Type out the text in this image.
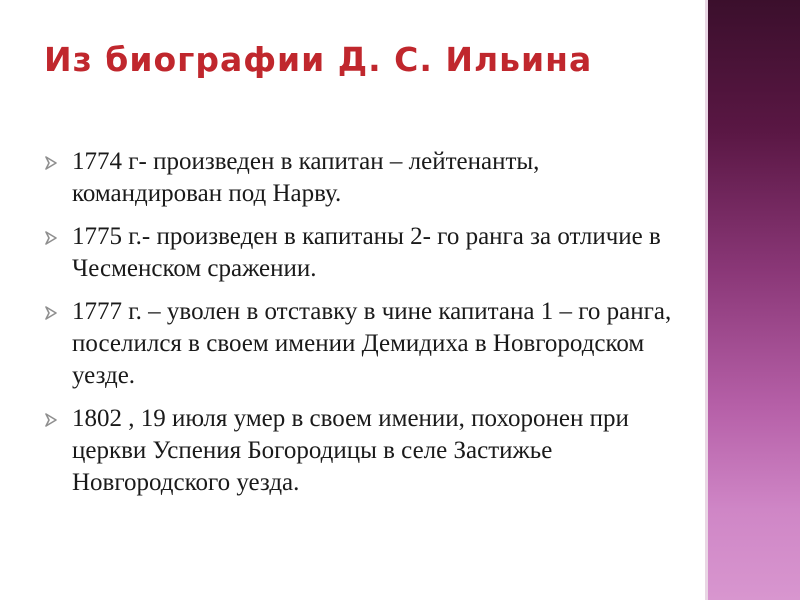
Из биографии Д. С. Ильина
1774 г- произведен в капитан – лейтенанты, командирован под Нарву.
1775 г.- произведен в капитаны 2- го ранга за отличие в Чесменском сражении.
1777 г. – уволен в отставку в чине капитана 1 – го ранга, поселился в своем имении Демидиха в Новгородском уезде.
1802 , 19 июля умер в своем имении, похоронен при церкви Успения Богородицы в селе Застижье Новгородского уезда.
